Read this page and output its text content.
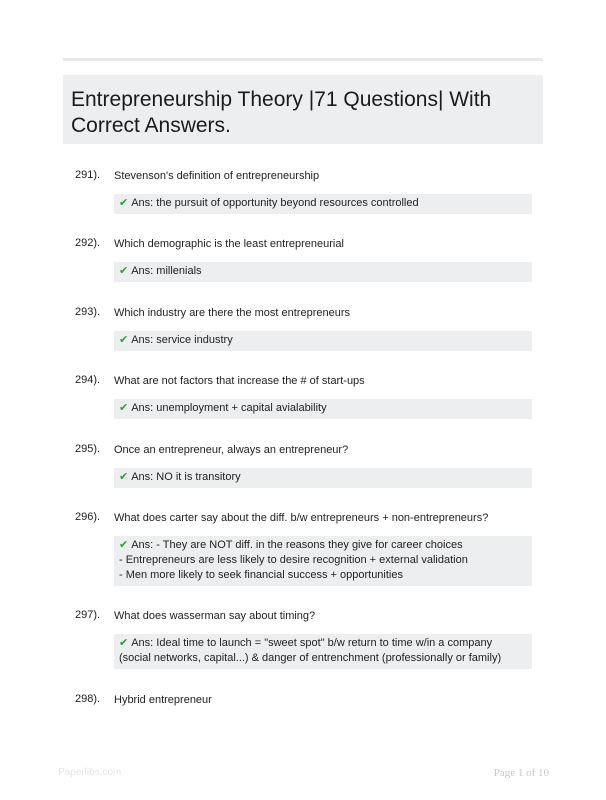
Entrepreneurship Theory |71 Questions| With Correct Answers.
291). Stevenson's definition of entrepreneurship
✔ Ans: the pursuit of opportunity beyond resources controlled
292). Which demographic is the least entrepreneurial
✔ Ans: millenials
293). Which industry are there the most entrepreneurs
✔ Ans: service industry
294). What are not factors that increase the # of start-ups
✔ Ans: unemployment + capital avialability
295). Once an entrepreneur, always an entrepreneur?
✔ Ans: NO it is transitory
296). What does carter say about the diff. b/w entrepreneurs + non-entrepreneurs?
✔ Ans: - They are NOT diff. in the reasons they give for career choices
- Entrepreneurs are less likely to desire recognition + external validation
- Men more likely to seek financial success + opportunities
297). What does wasserman say about timing?
✔ Ans: Ideal time to launch = "sweet spot" b/w return to time w/in a company (social networks, capital...) & danger of entrenchment (professionally or family)
298). Hybrid entrepreneur
Paperlibs.com	Page 1 of 10
